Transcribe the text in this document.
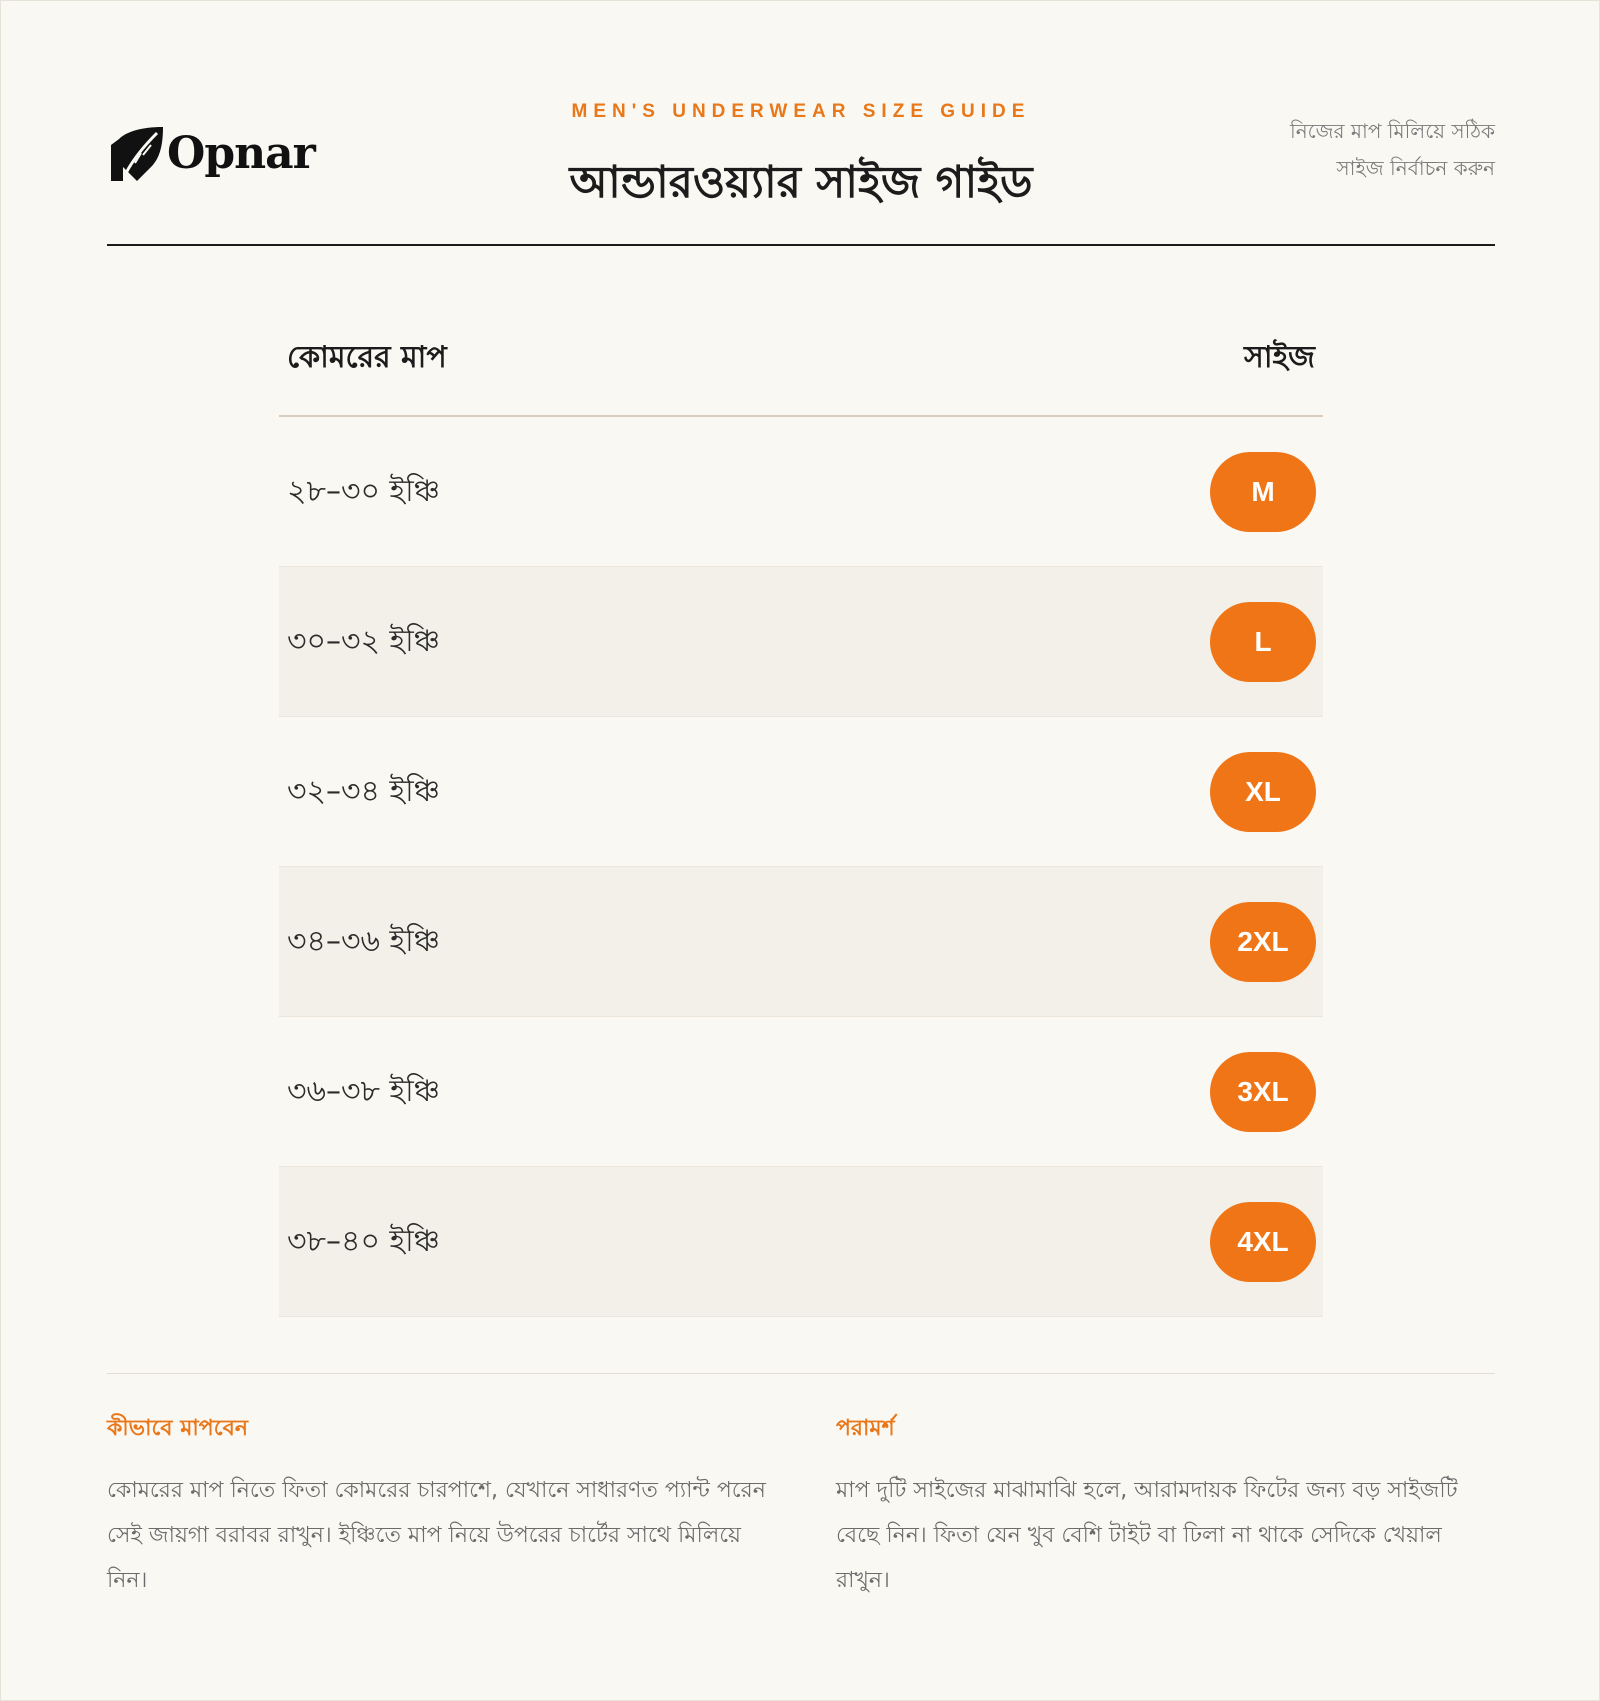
Opnar
MEN'S UNDERWEAR SIZE GUIDE
আন্ডারওয়্যার সাইজ গাইড
নিজের মাপ মিলিয়ে সঠিক সাইজ নির্বাচন করুন
কোমরের মাপ	সাইজ
২৮–৩০ ইঞ্চি	M
৩০–৩২ ইঞ্চি	L
৩২–৩৪ ইঞ্চি	XL
৩৪–৩৬ ইঞ্চি	2XL
৩৬–৩৮ ইঞ্চি	3XL
৩৮–৪০ ইঞ্চি	4XL
কীভাবে মাপবেন
কোমরের মাপ নিতে ফিতা কোমরের চারপাশে, যেখানে সাধারণত প্যান্ট পরেন সেই জায়গা বরাবর রাখুন। ইঞ্চিতে মাপ নিয়ে উপরের চার্টের সাথে মিলিয়ে নিন।
পরামর্শ
মাপ দুটি সাইজের মাঝামাঝি হলে, আরামদায়ক ফিটের জন্য বড় সাইজটি বেছে নিন। ফিতা যেন খুব বেশি টাইট বা ঢিলা না থাকে সেদিকে খেয়াল রাখুন।
